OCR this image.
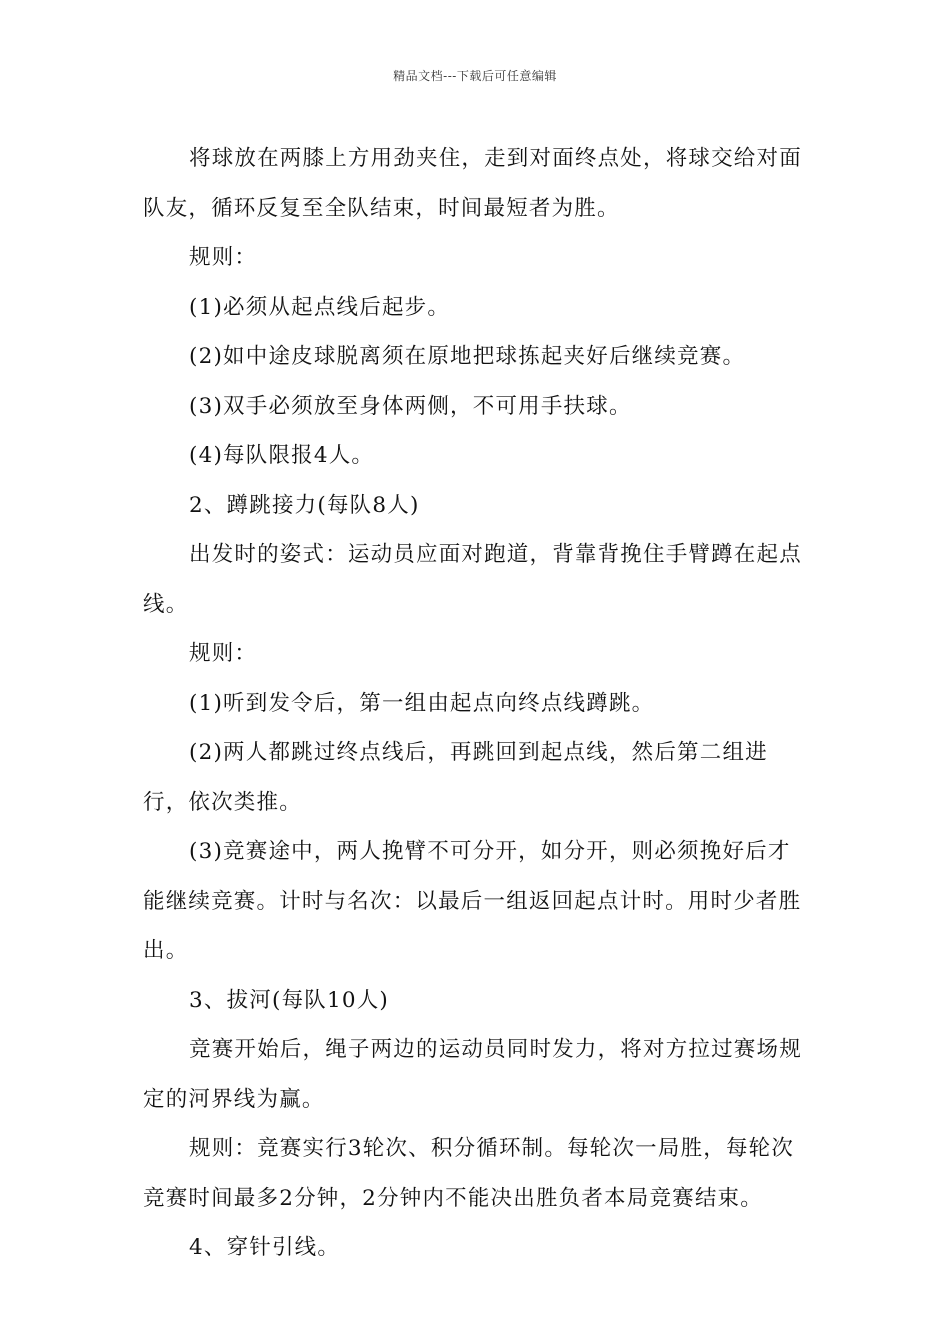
精品文档---下载后可任意编辑

将球放在两膝上方用劲夹住，走到对面终点处，将球交给对面队友，循环反复至全队结束，时间最短者为胜。

规则：

(1)必须从起点线后起步。

(2)如中途皮球脱离须在原地把球拣起夹好后继续竞赛。

(3)双手必须放至身体两侧，不可用手扶球。

(4)每队限报4人。

2、蹲跳接力(每队8人)

出发时的姿式：运动员应面对跑道，背靠背挽住手臂蹲在起点线。

规则：

(1)听到发令后，第一组由起点向终点线蹲跳。

(2)两人都跳过终点线后，再跳回到起点线，然后第二组进行，依次类推。

(3)竞赛途中，两人挽臂不可分开，如分开，则必须挽好后才能继续竞赛。计时与名次：以最后一组返回起点计时。用时少者胜出。

3、拔河(每队10人)

竞赛开始后，绳子两边的运动员同时发力，将对方拉过赛场规定的河界线为赢。

规则：竞赛实行3轮次、积分循环制。每轮次一局胜，每轮次竞赛时间最多2分钟，2分钟内不能决出胜负者本局竞赛结束。

4、穿针引线。
